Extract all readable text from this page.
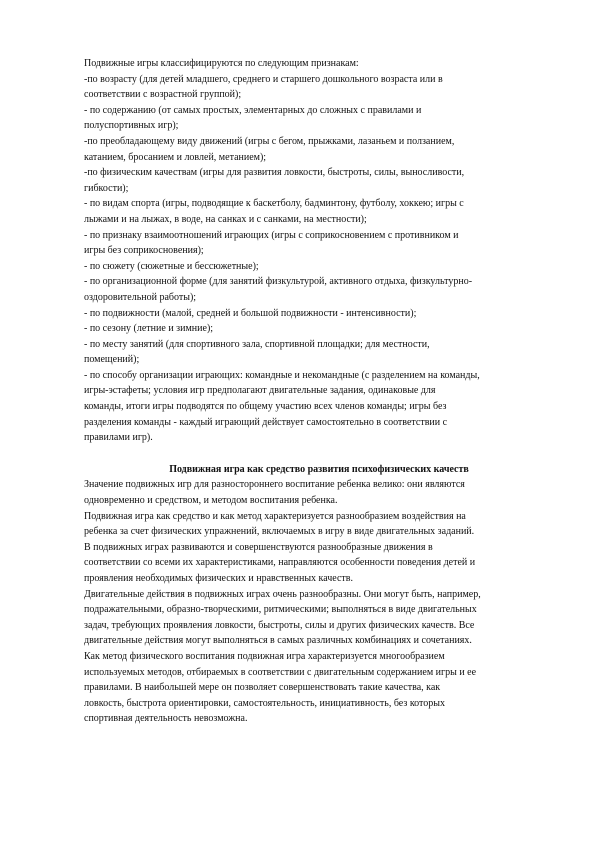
Подвижные игры классифицируются по следующим признакам:
-по возрасту (для детей младшего, среднего и старшего дошкольного возраста или в
соответствии с возрастной группой);
- по содержанию (от самых простых, элементарных до сложных с правилами и
полуспортивных игр);
-по преобладающему виду движений (игры с бегом, прыжками, лазаньем и ползанием,
катанием, бросанием и ловлей, метанием);
-по физическим качествам (игры для развития ловкости, быстроты, силы, выносливости,
гибкости);
- по видам спорта (игры, подводящие к баскетболу, бадминтону, футболу, хоккею; игры с
лыжами и на лыжах, в воде, на санках и с санками, на местности);
- по признаку взаимоотношений играющих (игры с соприкосновением с противником и
игры без соприкосновения);
- по сюжету (сюжетные и бессюжетные);
- по организационной форме (для занятий физкультурой, активного отдыха, физкультурно-
оздоровительной работы);
- по подвижности (малой, средней и большой подвижности - интенсивности);
- по сезону (летние и зимние);
- по месту занятий (для спортивного зала, спортивной площадки; для местности,
помещений);
- по способу организации играющих: командные и некомандные (с разделением на команды,
игры-эстафеты; условия игр предполагают двигательные задания, одинаковые для
команды, итоги игры подводятся по общему участию всех членов команды; игры без
разделения команды - каждый играющий действует самостоятельно в соответствии с
правилами игр).
Подвижная игра как средство развития психофизических качеств
Значение подвижных игр для разностороннего воспитание ребенка велико: они являются
одновременно и средством, и методом воспитания ребенка.
Подвижная игра как средство и как метод характеризуется разнообразием воздействия на
ребенка за счет физических упражнений, включаемых в игру в виде двигательных заданий.
В подвижных играх развиваются и совершенствуются разнообразные движения в
соответствии со всеми их характеристиками, направляются особенности поведения детей и
проявления необходимых физических и нравственных качеств.
Двигательные действия в подвижных играх очень разнообразны. Они могут быть, например,
подражательными, образно-творческими, ритмическими; выполняться в виде двигательных
задач, требующих проявления ловкости, быстроты, силы и других физических качеств. Все
двигательные действия могут выполняться в самых различных комбинациях и сочетаниях.
Как метод физического воспитания подвижная игра характеризуется многообразием
используемых методов, отбираемых в соответствии с двигательным содержанием игры и ее
правилами. В наибольшей мере он позволяет совершенствовать такие качества, как
ловкость, быстрота ориентировки, самостоятельность, инициативность, без которых
спортивная деятельность невозможна.
